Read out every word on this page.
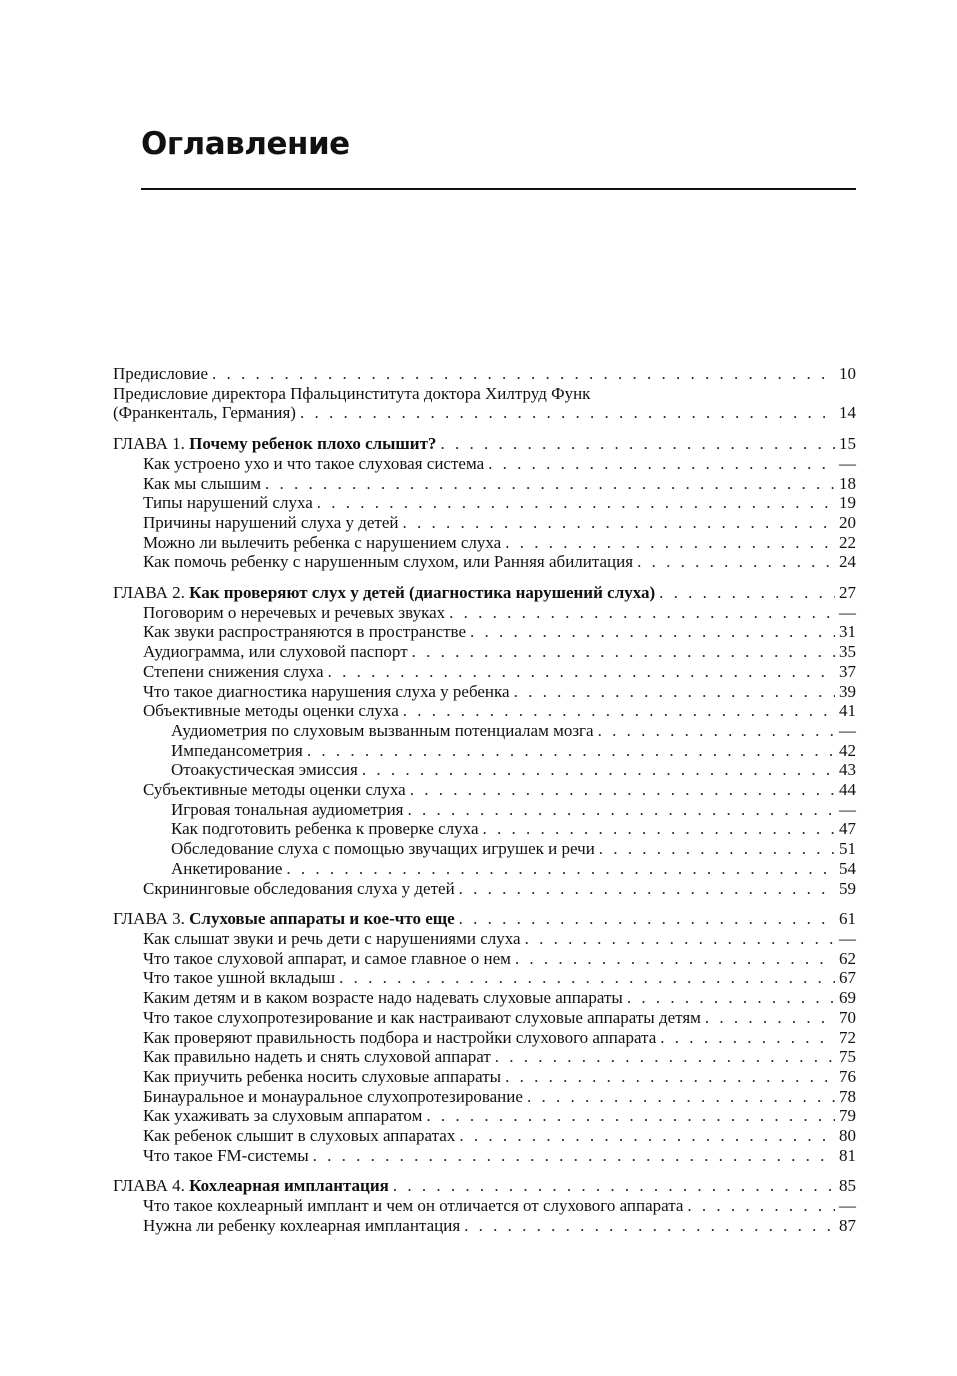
Оглавление
Предисловие . . .	10
Предисловие директора Пфальцинститута доктора Хилтруд Функ
(Франкенталь, Германия) . . .	14
ГЛАВА 1. Почему ребенок плохо слышит? . . .	15
Как устроено ухо и что такое слуховая система . . .	—
Как мы слышим . . .	18
Типы нарушений слуха . . .	19
Причины нарушений слуха у детей . . .	20
Можно ли вылечить ребенка с нарушением слуха . . .	22
Как помочь ребенку с нарушенным слухом, или Ранняя абилитация . . .	24
ГЛАВА 2. Как проверяют слух у детей (диагностика нарушений слуха) . . .	27
Поговорим о неречевых и речевых звуках . . .	—
Как звуки распространяются в пространстве . . .	31
Аудиограмма, или слуховой паспорт . . .	35
Степени снижения слуха . . .	37
Что такое диагностика нарушения слуха у ребенка . . .	39
Объективные методы оценки слуха . . .	41
Аудиометрия по слуховым вызванным потенциалам мозга . . .	—
Импедансометрия . . .	42
Отоакустическая эмиссия . . .	43
Субъективные методы оценки слуха . . .	44
Игровая тональная аудиометрия . . .	—
Как подготовить ребенка к проверке слуха . . .	47
Обследование слуха с помощью звучащих игрушек и речи . . .	51
Анкетирование . . .	54
Скрининговые обследования слуха у детей . . .	59
ГЛАВА 3. Слуховые аппараты и кое-что еще . . .	61
Как слышат звуки и речь дети с нарушениями слуха . . .	—
Что такое слуховой аппарат, и самое главное о нем . . .	62
Что такое ушной вкладыш . . .	67
Каким детям и в каком возрасте надо надевать слуховые аппараты . . .	69
Что такое слухопротезирование и как настраивают слуховые аппараты детям . . .	70
Как проверяют правильность подбора и настройки слухового аппарата . . .	72
Как правильно надеть и снять слуховой аппарат . . .	75
Как приучить ребенка носить слуховые аппараты . . .	76
Бинауральное и монауральное слухопротезирование . . .	78
Как ухаживать за слуховым аппаратом . . .	79
Как ребенок слышит в слуховых аппаратах . . .	80
Что такое FM-системы . . .	81
ГЛАВА 4. Кохлеарная имплантация . . .	85
Что такое кохлеарный имплант и чем он отличается от слухового аппарата . . .	—
Нужна ли ребенку кохлеарная имплантация . . .	87
